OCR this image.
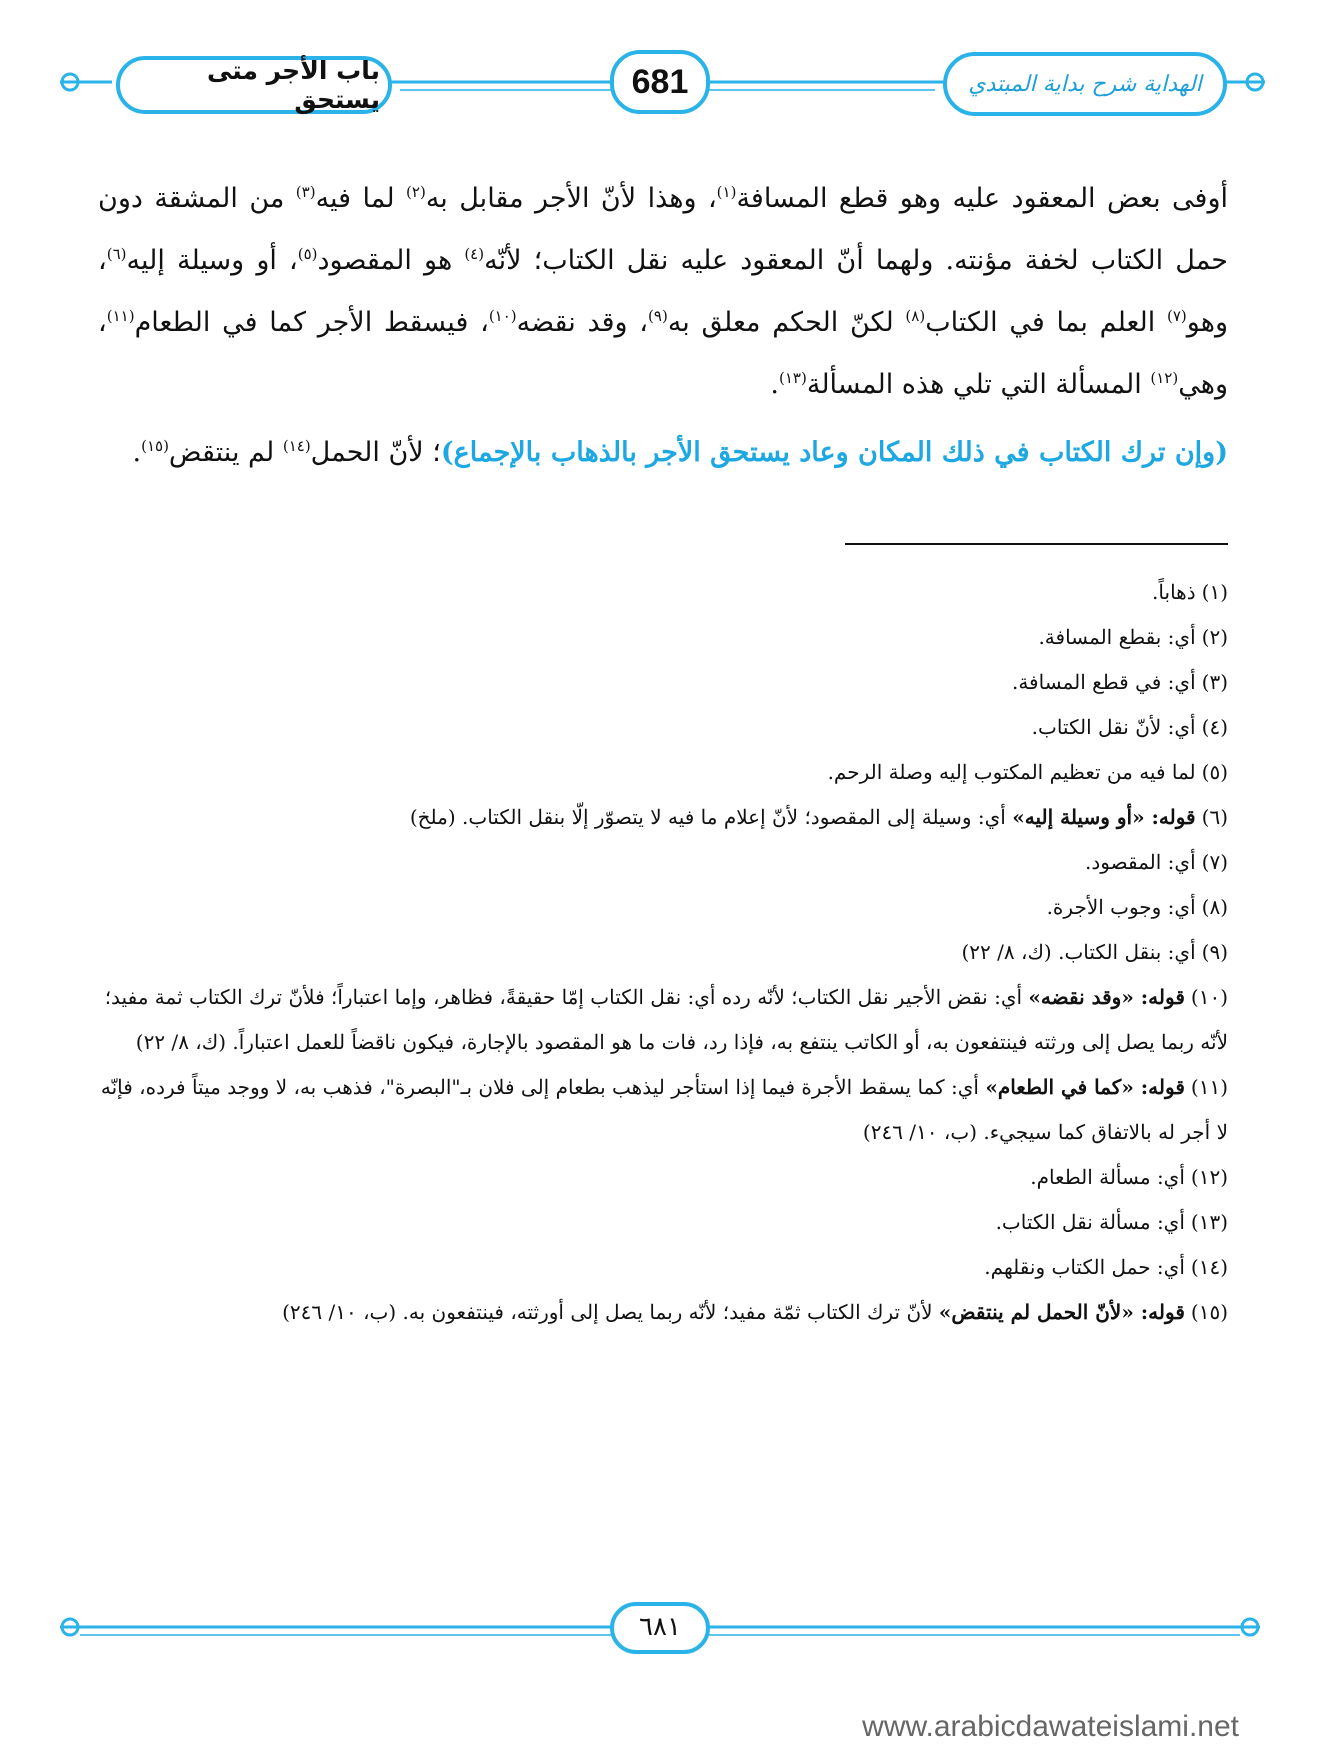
باب الأجر متى يستحق	681	الهداية شرح بداية المبتدي

أوفى بعض المعقود عليه وهو قطع المسافة$^{(١)}$، وهذا لأنّ الأجر مقابل به$^{(٢)}$ لما فيه$^{(٣)}$ من المشقة دون حمل الكتاب لخفة مؤنته. ولهما أنّ المعقود عليه نقل الكتاب؛ لأنّه$^{(٤)}$ هو المقصود$^{(٥)}$، أو وسيلة إليه$^{(٦)}$، وهو$^{(٧)}$ العلم بما في الكتاب$^{(٨)}$ لكنّ الحكم معلق به$^{(٩)}$، وقد نقضه$^{(١٠)}$، فيسقط الأجر كما في الطعام$^{(١١)}$، وهي$^{(١٢)}$ المسألة التي تلي هذه المسألة$^{(١٣)}$.

(وإن ترك الكتاب في ذلك المكان وعاد يستحق الأجر بالذهاب بالإجماع)؛ لأنّ الحمل$^{(١٤)}$ لم ينتقض$^{(١٥)}$.

(١)ذهاباً.
(٢)أي: بقطع المسافة.
(٣)أي: في قطع المسافة.
(٤)أي: لأنّ نقل الكتاب.
(٥)لما فيه من تعظيم المكتوب إليه وصلة الرحم.
(٦)قوله: «أو وسيلة إليه» أي: وسيلة إلى المقصود؛ لأنّ إعلام ما فيه لا يتصوّر إلّا بنقل الكتاب. (ملخ)
(٧)أي: المقصود.
(٨)أي: وجوب الأجرة.
(٩)أي: بنقل الكتاب. (ك، ٨/ ٢٢)
(١٠)قوله: «وقد نقضه» أي: نقض الأجير نقل الكتاب؛ لأنّه رده أي: نقل الكتاب إمّا حقيقةً، فظاهر، وإما اعتباراً؛ فلأنّ ترك الكتاب ثمة مفيد؛ لأنّه ربما يصل إلى ورثته فينتفعون به، أو الكاتب ينتفع به، فإذا رد، فات ما هو المقصود بالإجارة، فيكون ناقضاً للعمل اعتباراً. (ك، ٨/ ٢٢)
(١١)قوله: «كما في الطعام» أي: كما يسقط الأجرة فيما إذا استأجر ليذهب بطعام إلى فلان بـ"البصرة"، فذهب به، لا ووجد ميتاً فرده، فإنّه لا أجر له بالاتفاق كما سيجيء. (ب، ١٠/ ٢٤٦)
(١٢)أي: مسألة الطعام.
(١٣)أي: مسألة نقل الكتاب.
(١٤)أي: حمل الكتاب ونقلهم.
(١٥)قوله: «لأنّ الحمل لم ينتقض» لأنّ ترك الكتاب ثمّة مفيد؛ لأنّه ربما يصل إلى أورثته، فينتفعون به. (ب، ١٠/ ٢٤٦)
٦٨١
www.arabicdawateislami.net
